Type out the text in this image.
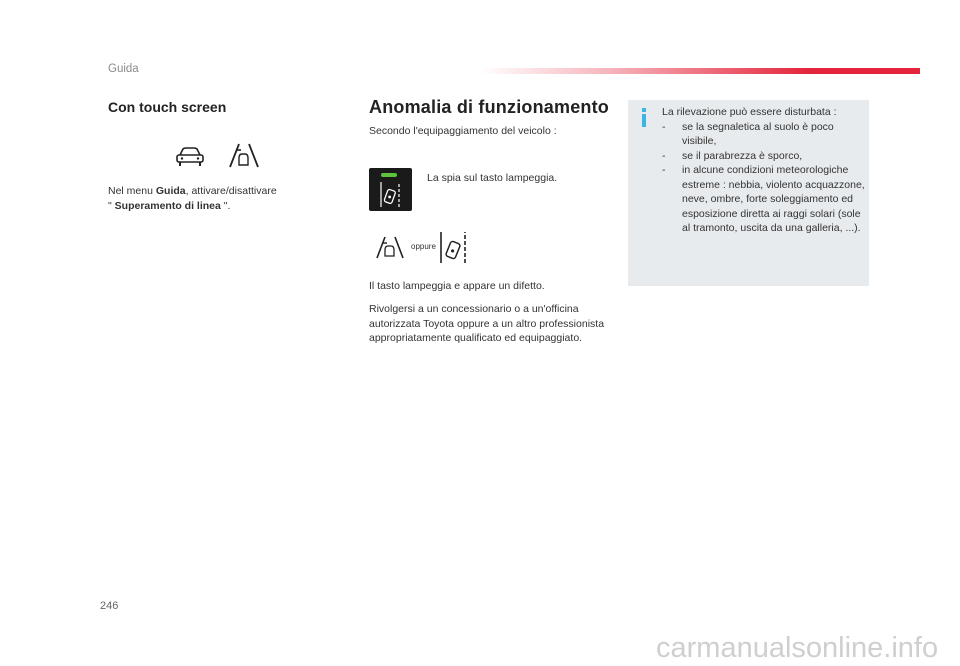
Guida
Con touch screen
Nel menu Guida, attivare/disattivare
" Superamento di linea ".
Anomalia di funzionamento
Secondo l'equipaggiamento del veicolo :
La spia sul tasto lampeggia.
oppure
Il tasto lampeggia e appare un difetto.
Rivolgersi a un concessionario o a un'officina autorizzata Toyota oppure a un altro professionista appropriatamente qualificato ed equipaggiato.
La rilevazione può essere disturbata :
- se la segnaletica al suolo è poco visibile,
- se il parabrezza è sporco,
- in alcune condizioni meteorologiche estreme : nebbia, violento acquazzone, neve, ombre, forte soleggiamento ed esposizione diretta ai raggi solari (sole al tramonto, uscita da una galleria, ...).
246
carmanualsonline.info
